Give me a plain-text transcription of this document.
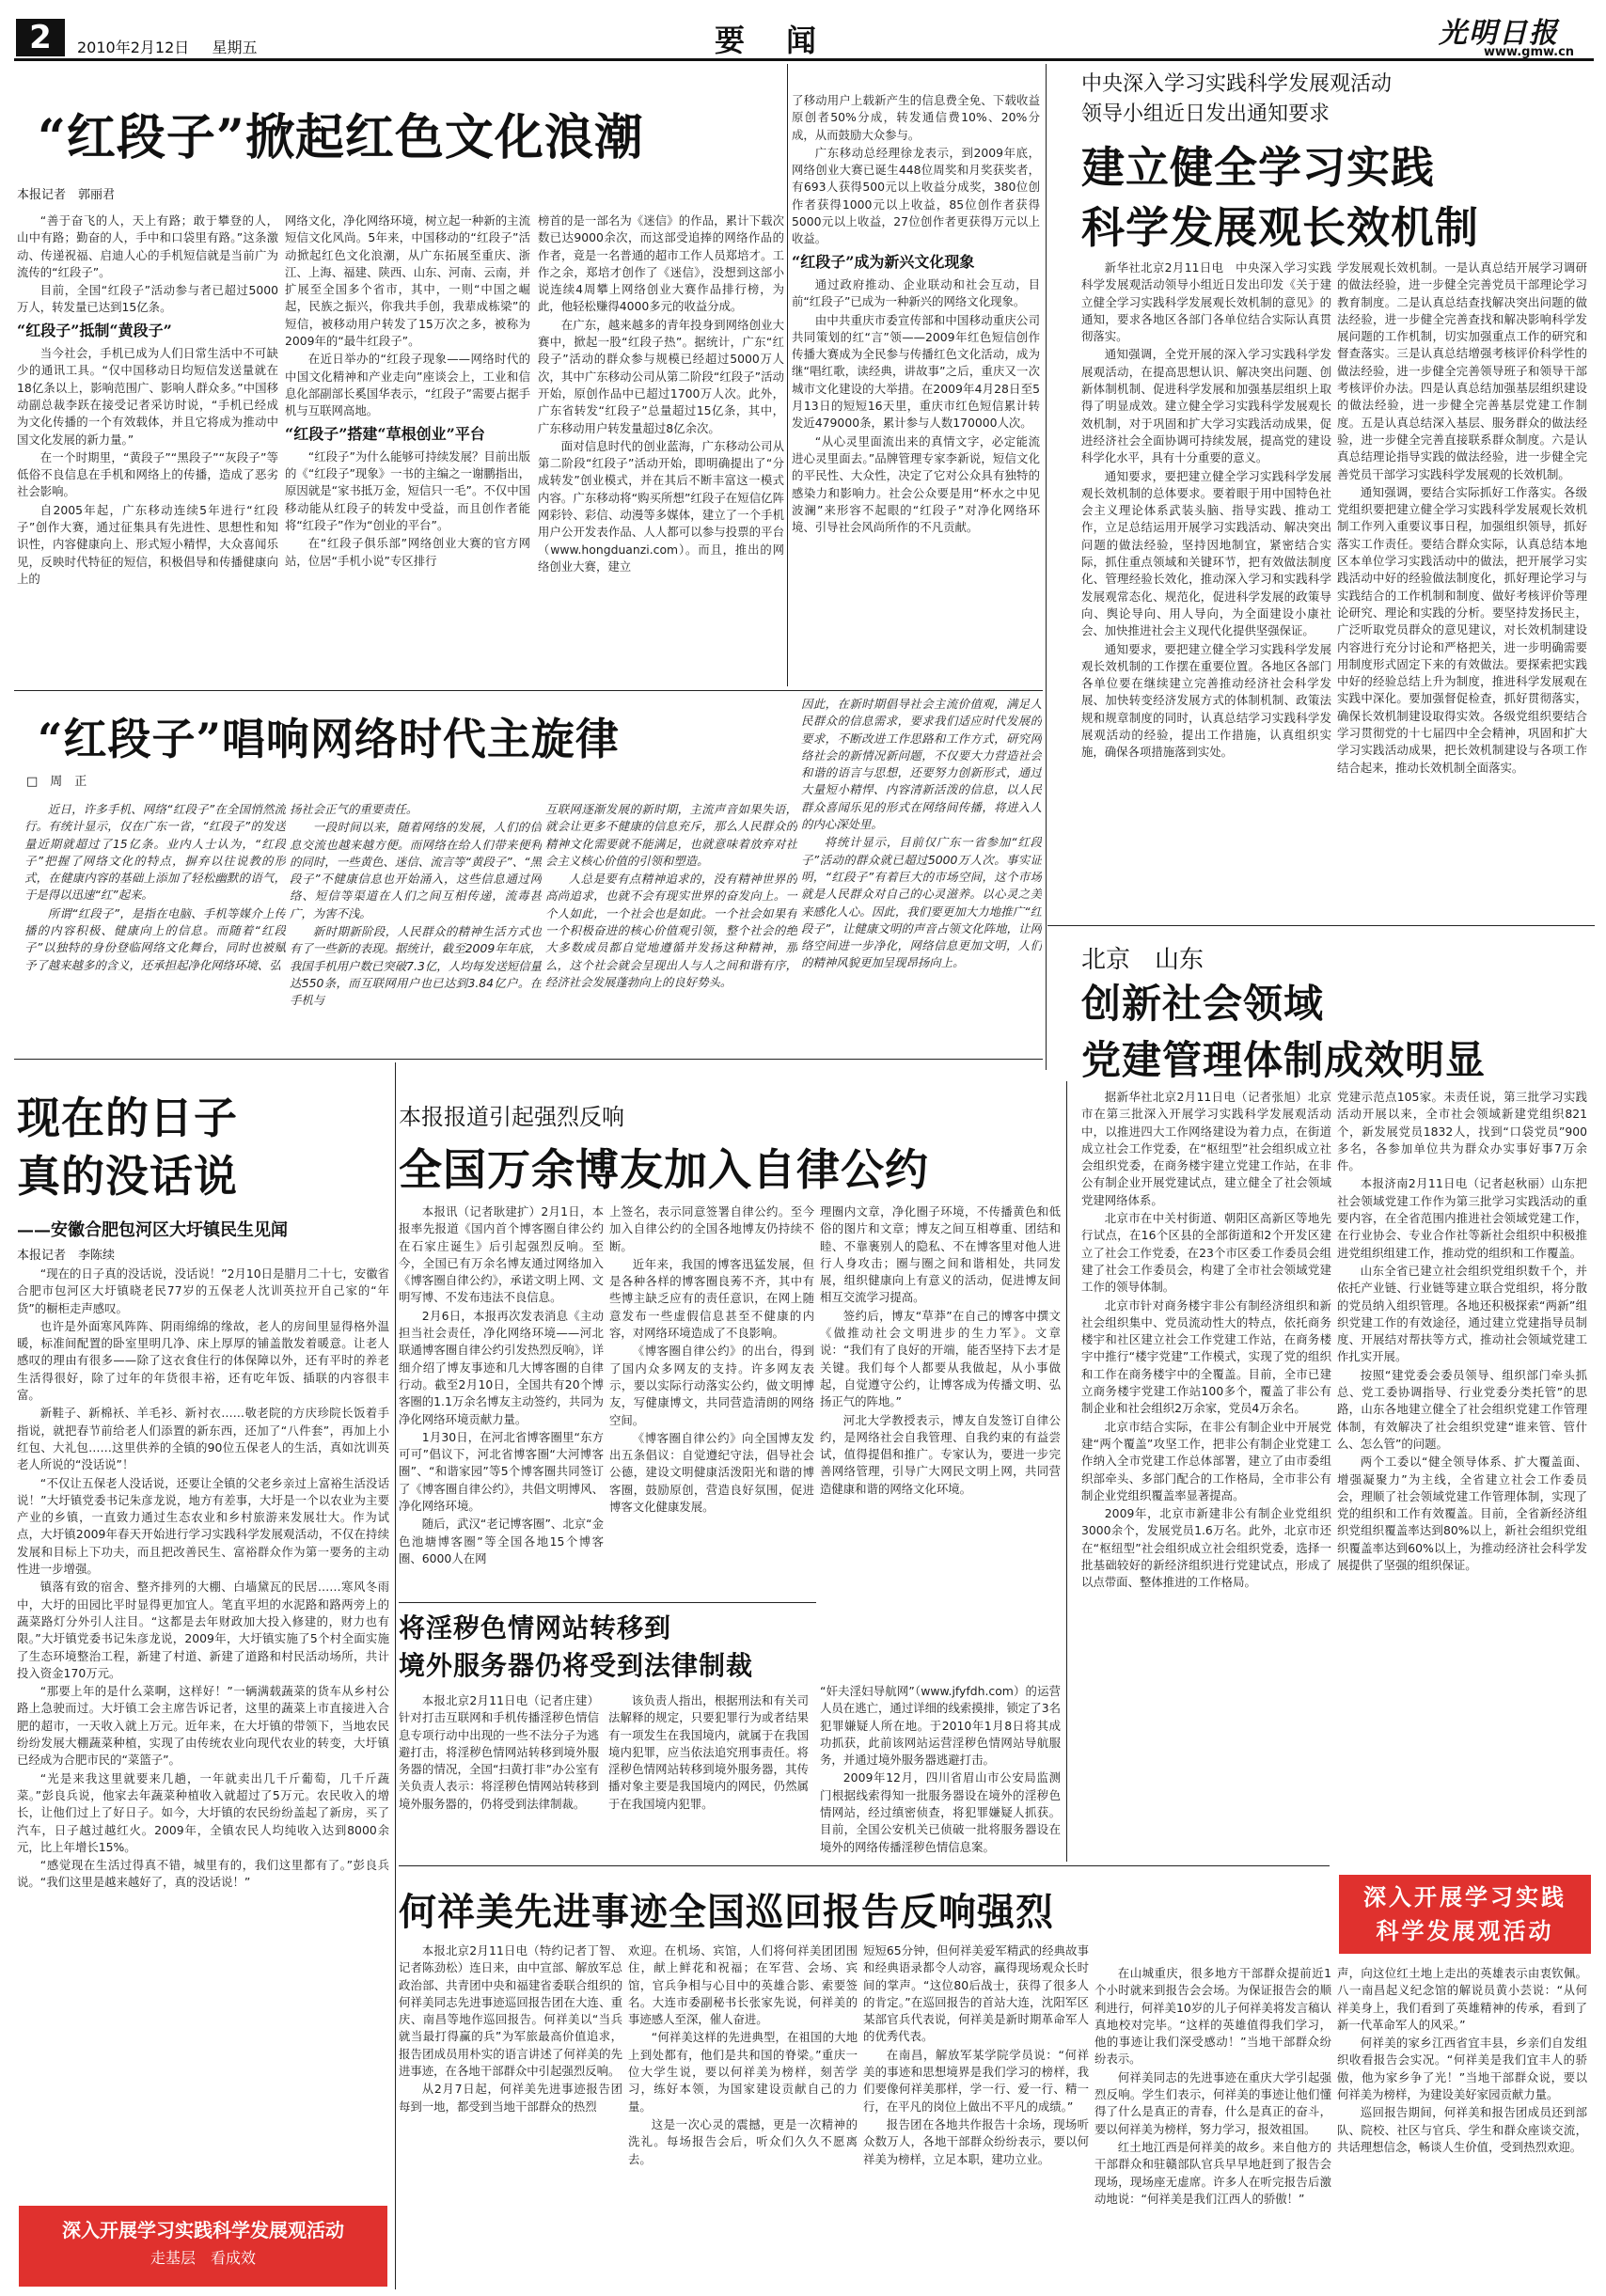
2	2010年2月12日 星期五	要　闻	光明日报
www.gmw.cn
“红段子”掀起红色文化浪潮
本报记者　郭丽君

“善于奋飞的人，天上有路；敢于攀登的人，山中有路；勤奋的人，手中和口袋里有路。”这条激动、传递祝福、启迪人心的手机短信就是当前广为流传的“红段子”。

目前，全国“红段子”活动参与者已超过5000万人，转发量已达到15亿条。

“红段子”抵制“黄段子”

当今社会，手机已成为人们日常生活中不可缺少的通讯工具。“仅中国移动日均短信发送量就在18亿条以上，影响范围广、影响人群众多。”中国移动副总裁李跃在接受记者采访时说，“手机已经成为文化传播的一个有效载体，并且它将成为推动中国文化发展的新力量。”

在一个时期里，“黄段子”“黑段子”“灰段子”等低俗不良信息在手机和网络上的传播，造成了恶劣社会影响。

自2005年起，广东移动连续5年进行“红段子”创作大赛，通过征集具有先进性、思想性和知识性，内容健康向上、形式短小精悍，大众喜闻乐见，反映时代特征的短信，积极倡导和传播健康向上的

网络文化，净化网络环境，树立起一种新的主流短信文化风尚。5年来，中国移动的“红段子”活动掀起红色文化浪潮，从广东拓展至重庆、浙江、上海、福建、陕西、山东、河南、云南，并扩展至全国多个省市，其中，一则“中国之崛起，民族之振兴，你我共手创，我辈成栋梁”的短信，被移动用户转发了15万次之多，被称为2009年的“最牛红段子”。

在近日举办的“红段子现象——网络时代的中国文化精神和产业走向”座谈会上，工业和信息化部副部长奚国华表示，“红段子”需要占据手机与互联网高地。

“红段子”搭建“草根创业”平台

“红段子”为什么能够可持续发展？目前出版的《“红段子”现象》一书的主编之一谢鹏指出，原因就是“家书抵万金，短信只一毛”。不仅中国移动能从红段子的转发中受益，而且创作者能将“红段子”作为“创业的平台”。

在“红段子俱乐部”网络创业大赛的官方网站，位居“手机小说”专区排行

榜首的是一部名为《迷信》的作品，累计下载次数已达9000余次，而这部受追捧的网络作品的作者，竟是一名普通的超市工作人员郑培才。工作之余，郑培才创作了《迷信》，没想到这部小说连续4周攀上网络创业大赛作品排行榜，为此，他轻松赚得4000多元的收益分成。

在广东，越来越多的青年投身到网络创业大赛中，掀起一股“红段子热”。据统计，广东“红段子”活动的群众参与规模已经超过5000万人次，其中广东移动公司从第二阶段“红段子”活动开始，原创作品中已超过1700万人次。此外，广东省转发“红段子”总量超过15亿条，其中，广东移动用户转发量超过8亿余次。

面对信息时代的创业蓝海，广东移动公司从第二阶段“红段子”活动开始，即明确提出了“分成转发”创业模式，并在其后不断丰富这一模式内容。广东移动将“购买所想”红段子在短信亿阵网彩铃、彩信、动漫等多媒体，建立了一个手机用户公开发表作品、人人都可以参与投票的平台（www.hongduanzi.com）。而且，推出的网络创业大赛，建立

了移动用户上载新产生的信息费全免、下载收益原创者50%分成，转发通信费10%、20%分成，从而鼓励大众参与。

广东移动总经理徐龙表示，到2009年底，网络创业大赛已诞生448位周奖和月奖获奖者，有693人获得500元以上收益分成奖，380位创作者获得1000元以上收益，85位创作者获得5000元以上收益，27位创作者更获得万元以上收益。

“红段子”成为新兴文化现象

通过政府推动、企业联动和社会互动，目前“红段子”已成为一种新兴的网络文化现象。

由中共重庆市委宣传部和中国移动重庆公司共同策划的红“言”领——2009年红色短信创作传播大赛成为全民参与传播红色文化活动，成为继“唱红歌，读经典，讲故事”之后，重庆又一次城市文化建设的大举措。在2009年4月28日至5月13日的短短16天里，重庆市红色短信累计转发近479000条，累计参与人数170000人次。

“从心灵里面流出来的真情文字，必定能流进心灵里面去。”品牌管理专家李新说，短信文化的平民性、大众性，决定了它对公众具有独特的感染力和影响力。社会公众要是用“杯水之中见波澜”来形容不起眼的“红段子”对净化网络环境、引导社会风尚所作的不凡贡献。

“红段子”唱响网络时代主旋律
□　周　正

近日，许多手机、网络“红段子”在全国悄然流行。有统计显示，仅在广东一省，“红段子”的发送量近期就超过了15亿条。业内人士认为，“红段子”把握了网络文化的特点，摒弃以往说教的形式，在健康内容的基础上添加了轻松幽默的语气，于是得以迅速“红”起来。

所谓“红段子”，是指在电脑、手机等媒介上传播的内容积极、健康向上的信息。而随着“红段子”以独特的身份登临网络文化舞台，同时也被赋予了越来越多的含义，还承担起净化网络环境、弘

扬社会正气的重要责任。

一段时间以来，随着网络的发展，人们的信息交流也越来越方便。而网络在给人们带来便利的同时，一些黄色、迷信、流言等“黄段子”、“黑段子”不健康信息也开始涌入，这些信息通过网络、短信等渠道在人们之间互相传递，流毒甚广，为害不浅。

新时期新阶段，人民群众的精神生活方式也有了一些新的表现。据统计，截至2009年年底，我国手机用户数已突破7.3亿，人均每发送短信量达550条，而互联网用户也已达到3.84亿户。在手机与

互联网逐渐发展的新时期，主流声音如果失语，就会让更多不健康的信息充斥，那么人民群众的精神文化需要就不能满足，也就意味着放弃对社会主义核心价值的引领和塑造。

人总是要有点精神追求的，没有精神世界的高尚追求，也就不会有现实世界的奋发向上。一个人如此，一个社会也是如此。一个社会如果有一个积极奋进的核心价值观引领，整个社会的绝大多数成员都自觉地遵循并发扬这种精神，那么，这个社会就会呈现出人与人之间和谐有序，经济社会发展蓬勃向上的良好势头。

因此，在新时期倡导社会主流价值观，满足人民群众的信息需求，要求我们适应时代发展的要求，不断改进工作思路和工作方式，研究网络社会的新情况新问题，不仅要大力营造社会和谐的语言与思想，还要努力创新形式，通过大量短小精悍、内容清新活泼的信息，以人民群众喜闻乐见的形式在网络间传播，将进入人的内心深处里。

将统计显示，目前仅广东一省参加“红段子”活动的群众就已超过5000万人次。事实证明，“红段子”有着巨大的市场空间，这个市场就是人民群众对自己的心灵滋养。以心灵之美来感化人心。因此，我们要更加大力地推广“红段子”，让健康文明的声音占领文化阵地，让网络空间进一步净化，网络信息更加文明，人们的精神风貌更加呈现昂扬向上。

中央深入学习实践科学发展观活动
领导小组近日发出通知要求
建立健全学习实践
科学发展观长效机制

新华社北京2月11日电　中央深入学习实践科学发展观活动领导小组近日发出印发《关于建立健全学习实践科学发展观长效机制的意见》的通知，要求各地区各部门各单位结合实际认真贯彻落实。

通知强调，全党开展的深入学习实践科学发展观活动，在提高思想认识、解决突出问题、创新体制机制、促进科学发展和加强基层组织上取得了明显成效。建立健全学习实践科学发展观长效机制，对于巩固和扩大学习实践活动成果，促进经济社会全面协调可持续发展，提高党的建设科学化水平，具有十分重要的意义。

通知要求，要把建立健全学习实践科学发展观长效机制的总体要求。要着眼于用中国特色社会主义理论体系武装头脑、指导实践、推动工作，立足总结运用开展学习实践活动、解决突出问题的做法经验，坚持因地制宜，紧密结合实际，抓住重点领域和关键环节，把有效做法制度化、管理经验长效化，推动深入学习和实践科学发展观常态化、规范化，促进科学发展的政策导向、舆论导向、用人导向，为全面建设小康社会、加快推进社会主义现代化提供坚强保证。

通知要求，要把建立健全学习实践科学发展观长效机制的工作摆在重要位置。各地区各部门各单位要在继续建立完善推动经济社会科学发展、加快转变经济发展方式的体制机制、政策法规和规章制度的同时，认真总结学习实践科学发展观活动的经验，提出工作措施，认真组织实施，确保各项措施落到实处。

学发展观长效机制。一是认真总结开展学习调研的做法经验，进一步健全完善党员干部理论学习教育制度。二是认真总结查找解决突出问题的做法经验，进一步健全完善查找和解决影响科学发展问题的工作机制，切实加强重点工作的研究和督查落实。三是认真总结增强考核评价科学性的做法经验，进一步健全完善领导班子和领导干部考核评价办法。四是认真总结加强基层组织建设的做法经验，进一步健全完善基层党建工作制度。五是认真总结深入基层、服务群众的做法经验，进一步健全完善直接联系群众制度。六是认真总结理论指导实践的做法经验，进一步健全完善党员干部学习实践科学发展观的长效机制。

通知强调，要结合实际抓好工作落实。各级党组织要把建立健全学习实践科学发展观长效机制工作列入重要议事日程，加强组织领导，抓好落实工作责任。要结合群众实际，认真总结本地区本单位学习实践活动中的做法，把开展学习实践活动中好的经验做法制度化，抓好理论学习与实践结合的工作机制和制度、做好考核评价等理论研究、理论和实践的分析。要坚持发扬民主，广泛听取党员群众的意见建议，对长效机制建设内容进行充分讨论和严格把关，进一步明确需要用制度形式固定下来的有效做法。要探索把实践中好的经验总结上升为制度，推进科学发展观在实践中深化。要加强督促检查，抓好贯彻落实，确保长效机制建设取得实效。各级党组织要结合学习贯彻党的十七届四中全会精神，巩固和扩大学习实践活动成果，把长效机制建设与各项工作结合起来，推动长效机制全面落实。

北京　山东
创新社会领域
党建管理体制成效明显

据新华社北京2月11日电（记者张旭）北京市在第三批深入开展学习实践科学发展观活动中，以推进四大工作网络建设为着力点，在街道成立社会工作党委，在“枢纽型”社会组织成立社会组织党委，在商务楼宇建立党建工作站，在非公有制企业开展党建试点，建立健全了社会领域党建网络体系。

北京市在中关村街道、朝阳区高新区等地先行试点，在16个区县的全部街道和2个开发区建立了社会工作党委，在23个市区委工作委员会组建了社会工作委员会，构建了全市社会领域党建工作的领导体制。

北京市针对商务楼宇非公有制经济组织和新社会组织集中、党员流动性大的特点，依托商务楼宇和社区建立社会工作党建工作站，在商务楼宇中推行“楼宇党建”工作模式，实现了党的组织和工作在商务楼宇中的全覆盖。目前，全市已建立商务楼宇党建工作站100多个，覆盖了非公有制企业和社会组织2万余家，党员4万余名。

北京市结合实际，在非公有制企业中开展党建“两个覆盖”攻坚工作，把非公有制企业党建工作纳入全市党建工作总体部署，建立了由市委组织部牵头、多部门配合的工作格局，全市非公有制企业党组织覆盖率显著提高。

2009年，北京市新建非公有制企业党组织3000余个，发展党员1.6万名。此外，北京市还在“枢纽型”社会组织成立社会组织党委，选择一批基础较好的新经济组织进行党建试点，形成了以点带面、整体推进的工作格局。

党建示范点105家。未责任说，第三批学习实践活动开展以来，全市社会领域新建党组织821个，新发展党员1832人，找到“口袋党员”900多名，各参加单位共为群众办实事好事7万余件。

本报济南2月11日电（记者赵秋丽）山东把社会领域党建工作作为第三批学习实践活动的重要内容，在全省范围内推进社会领域党建工作，在行业协会、专业合作社等新社会组织中积极推进党组织组建工作，推动党的组织和工作覆盖。

山东全省已建立社会组织党组织数千个，并依托产业链、行业链等建立联合党组织，将分散的党员纳入组织管理。各地还积极探索“两新”组织党建工作的有效途径，通过建立党建指导员制度、开展结对帮扶等方式，推动社会领域党建工作扎实开展。

按照“建党委会委员领导、组织部门牵头抓总、党工委协调指导、行业党委分类托管”的思路，山东各地建立健全了社会组织党建工作管理体制，有效解决了社会组织党建“谁来管、管什么、怎么管”的问题。

两个工委以“健全领导体系、扩大覆盖面、增强凝聚力”为主线，全省建立社会工作委员会，理顺了社会领域党建工作管理体制，实现了党的组织和工作有效覆盖。目前，全省新经济组织党组织覆盖率达到80%以上，新社会组织党组织覆盖率达到60%以上，为推动经济社会科学发展提供了坚强的组织保证。

深入开展学习实践
科学发展观活动
现在的日子
真的没话说
——安徽合肥包河区大圩镇民生见闻
本报记者　李陈续

“现在的日子真的没话说，没话说！”2月10日是腊月二十七，安徽省合肥市包河区大圩镇晓老民77岁的五保老人沈训英拉开自己家的“年货”的橱柜走声感叹。

也许是外面寒风阵阵、阴雨绵绵的缘故，老人的房间里显得格外温暖，标准间配置的卧室里明几净、床上厚厚的铺盖散发着暖意。让老人感叹的理由有很多——除了这衣食住行的体保障以外，还有平时的养老生活得很好，除了过年的年货很丰裕，还有吃年饭、插联的内容很丰富。

新鞋子、新棉袄、羊毛衫、新衬衣……敬老院的方庆珍院长饭着手指说，就把春节前给老人们添置的新东西，还加了“八件套”，再加上小红包、大礼包……这里供养的全镇的90位五保老人的生活，真如沈训英老人所说的“没话说”！

“不仅让五保老人没话说，还要让全镇的父老乡亲过上富裕生活没话说！”大圩镇党委书记朱彦龙说，地方有差事，大圩是一个以农业为主要产业的乡镇，一直致力通过生态农业和乡村旅游来发展壮大。作为试点，大圩镇2009年春天开始进行学习实践科学发展观活动，不仅在持续发展和目标上下功夫，而且把改善民生、富裕群众作为第一要务的主动性进一步增强。

镇落有致的宿舍、整齐排列的大棚、白墙黛瓦的民居……寒风冬雨中，大圩的田园比平时显得更加宜人。笔直平坦的水泥路和路两旁上的蔬菜路灯分外引人注目。“这都是去年财政加大投入修建的，财力也有限。”大圩镇党委书记朱彦龙说，2009年，大圩镇实施了5个村全面实施了生态环境整治工程，新建了村道、新建了道路和村民活动场所，共计投入资金170万元。

“那要上年的是什么菜啊，这样好！”一辆满载蔬菜的货车从乡村公路上急驶而过。大圩镇工会主席告诉记者，这里的蔬菜上市直接进入合肥的超市，一天收入就上万元。近年来，在大圩镇的带领下，当地农民纷纷发展大棚蔬菜种植，实现了由传统农业向现代农业的转变，大圩镇已经成为合肥市民的“菜篮子”。

“光是来我这里就要来几趟，一年就卖出几千斤葡萄，几千斤蔬菜。”彭良兵说，他家去年蔬菜种植收入就超过了5万元。农民收入的增长，让他们过上了好日子。如今，大圩镇的农民纷纷盖起了新房，买了汽车，日子越过越红火。2009年，全镇农民人均纯收入达到8000余元，比上年增长15%。

“感觉现在生活过得真不错，城里有的，我们这里都有了。”彭良兵说。“我们这里是越来越好了，真的没话说！”

深入开展学习实践科学发展观活动
走基层　看成效
本报报道引起强烈反响
全国万余博友加入自律公约

本报讯（记者耿建扩）2月1日，本报率先报道《国内首个博客圈自律公约在石家庄诞生》后引起强烈反响。至今，全国已有万余名博友通过网络加入《博客圈自律公约》，承诺文明上网、文明写博、不发布违法不良信息。

2月6日，本报再次发表消息《主动担当社会责任，净化网络环境——河北联通博客圈自律公约引发热烈反响》，详细介绍了博友事迹和几大博客圈的自律行动。截至2月10日，全国共有20个博客圈的1.1万余名博友主动签约，共同为净化网络环境贡献力量。

1月30日，在河北省博客圈里“东方可可”倡议下，河北省博客圈“大河博客圈”、“和谐家园”等5个博客圈共同签订了《博客圈自律公约》，共倡文明博风、净化网络环境。

随后，武汉“老记博客圈”、北京“金色池塘博客圈”等全国各地15个博客圈、6000人在网

上签名，表示同意签署自律公约。至今加入自律公约的全国各地博友仍持续不断。

近年来，我国的博客迅猛发展，但是各种各样的博客圈良莠不齐，其中有些博主缺乏应有的责任意识，在网上随意发布一些虚假信息甚至不健康的内容，对网络环境造成了不良影响。

《博客圈自律公约》的出台，得到了国内众多网友的支持。许多网友表示，要以实际行动落实公约，做文明博友，写健康博文，共同营造清朗的网络空间。

《博客圈自律公约》向全国博友发出五条倡议：自觉遵纪守法，倡导社会公德，建设文明健康活泼阳光和谐的博客圈，鼓励原创，营造良好氛围，促进博客文化健康发展。

理圈内文章，净化圈子环境，不传播黄色和低俗的图片和文章；博友之间互相尊重、团结和睦、不靠裹别人的隐私、不在博客里对他人进行人身攻击；圈与圈之间和谐相处，共同发展，组织健康向上有意义的活动，促进博友间相互交流学习提高。

签约后，博友“草莽”在自己的博客中撰文《做推动社会文明进步的生力军》。文章说：“我们有了良好的开端，能否坚持下去才是关键。我们每个人都要从我做起，从小事做起，自觉遵守公约，让博客成为传播文明、弘扬正气的阵地。”

河北大学教授表示，博友自发签订自律公约，是网络社会自我管理、自我约束的有益尝试，值得提倡和推广。专家认为，要进一步完善网络管理，引导广大网民文明上网，共同营造健康和谐的网络文化环境。

将淫秽色情网站转移到
境外服务器仍将受到法律制裁

本报北京2月11日电（记者庄建）针对打击互联网和手机传播淫秽色情信息专项行动中出现的一些不法分子为逃避打击，将淫秽色情网站转移到境外服务器的情况，全国“扫黄打非”办公室有关负责人表示：将淫秽色情网站转移到境外服务器的，仍将受到法律制裁。

该负责人指出，根据刑法和有关司法解释的规定，只要犯罪行为或者结果有一项发生在我国境内，就属于在我国境内犯罪，应当依法追究刑事责任。将淫秽色情网站转移到境外服务器，其传播对象主要是我国境内的网民，仍然属于在我国境内犯罪。

“奸夫淫妇导航网”（www.jfyfdh.com）的运营人员在逃亡，通过详细的线索摸排，锁定了3名犯罪嫌疑人所在地。于2010年1月8日将其成功抓获，此前该网站运营淫秽色情网站导航服务，并通过境外服务器逃避打击。

2009年12月，四川省眉山市公安局监测门根据线索得知一批服务器设在境外的淫秽色情网站，经过缜密侦查，将犯罪嫌疑人抓获。目前，全国公安机关已侦破一批将服务器设在境外的网络传播淫秽色情信息案。

何祥美先进事迹全国巡回报告反响强烈

本报北京2月11日电（特约记者丁智、记者陈劲松）连日来，由中宣部、解放军总政治部、共青团中央和福建省委联合组织的何祥美同志先进事迹巡回报告团在大连、重庆、南昌等地作巡回报告。何祥美以“当兵就当最打得赢的兵”为军旅最高价值追求，报告团成员用朴实的语言讲述了何祥美的先进事迹，在各地干部群众中引起强烈反响。

从2月7日起，何祥美先进事迹报告团每到一地，都受到当地干部群众的热烈

欢迎。在机场、宾馆，人们将何祥美团团围住，献上鲜花和祝福；在军营、会场、宾馆，官兵争相与心目中的英雄合影、索要签名。大连市委副秘书长张家先说，何祥美的事迹感人至深，催人奋进。

“何祥美这样的先进典型，在祖国的大地上到处都有，他们是共和国的脊梁。”重庆一位大学生说，要以何祥美为榜样，刻苦学习，练好本领，为国家建设贡献自己的力量。

这是一次心灵的震撼，更是一次精神的洗礼。每场报告会后，听众们久久不愿离去。

短短65分钟，但何祥美爱军精武的经典故事和经典语录都令人动容，赢得现场观众长时间的掌声。“这位80后战士，获得了很多人的肯定。”在巡回报告的首站大连，沈阳军区某部官兵代表说，何祥美是新时期革命军人的优秀代表。

在南昌，解放军某学院学员说：“何祥美的事迹和思想境界是我们学习的榜样，我们要像何祥美那样，学一行、爱一行、精一行，在平凡的岗位上做出不平凡的成绩。”

报告团在各地共作报告十余场，现场听众数万人，各地干部群众纷纷表示，要以何祥美为榜样，立足本职，建功立业。

在山城重庆，很多地方干部群众提前近1个小时就来到报告会会场。为保证报告会的顺利进行，何祥美10岁的儿子何祥美将发言稿认真地校对完毕。“这样的英雄值得我们学习，他的事迹让我们深受感动！”当地干部群众纷纷表示。

何祥美同志的先进事迹在重庆大学引起强烈反响。学生们表示，何祥美的事迹让他们懂得了什么是真正的青春，什么是真正的奋斗，要以何祥美为榜样，努力学习，报效祖国。

红土地江西是何祥美的故乡。来自他方的干部群众和驻赣部队官兵早早地赶到了报告会现场，现场座无虚席。许多人在听完报告后激动地说：“何祥美是我们江西人的骄傲！”

声，向这位红土地上走出的英雄表示由衷钦佩。八一南昌起义纪念馆的解说员黄小芸说：“从何祥美身上，我们看到了英雄精神的传承，看到了新一代革命军人的风采。”

何祥美的家乡江西省宜丰县，乡亲们自发组织收看报告会实况。“何祥美是我们宜丰人的骄傲，他为家乡争了光！”当地干部群众说，要以何祥美为榜样，为建设美好家园贡献力量。

巡回报告期间，何祥美和报告团成员还到部队、院校、社区与官兵、学生和群众座谈交流，共话理想信念，畅谈人生价值，受到热烈欢迎。
